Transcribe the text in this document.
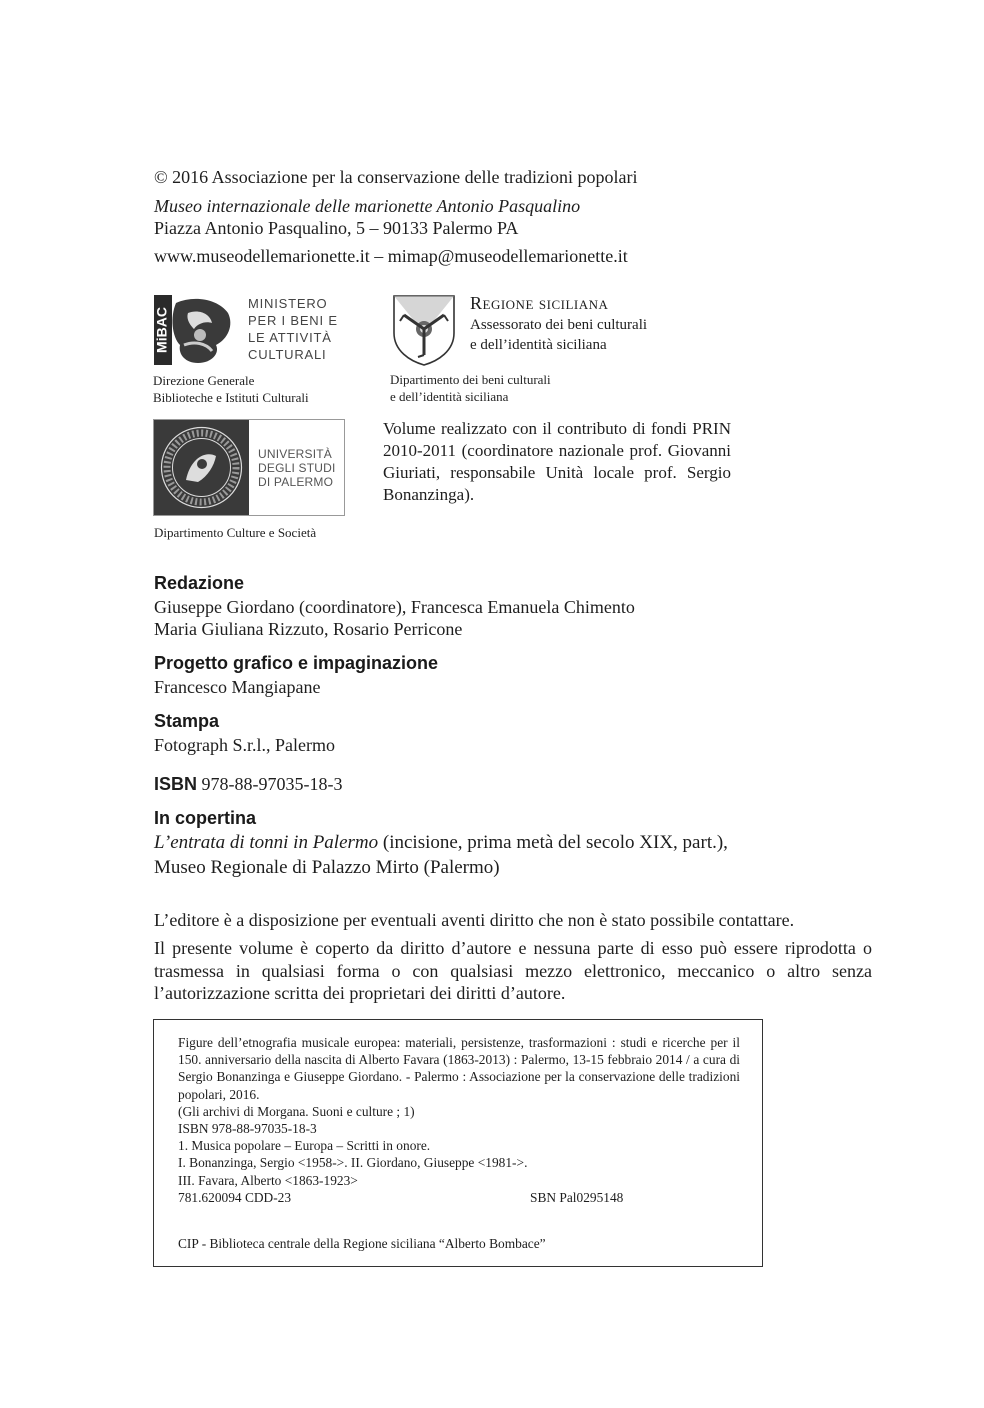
© 2016 Associazione per la conservazione delle tradizioni popolari
Museo internazionale delle marionette Antonio Pasqualino
Piazza Antonio Pasqualino, 5 – 90133 Palermo PA
www.museodellemarionette.it – mimap@museodellemarionette.it
MiBAC
MINISTERO
PER I BENI E
LE ATTIVITÀ
CULTURALI
Direzione Generale
Biblioteche e Istituti Culturali
Regione siciliana
Assessorato dei beni culturali
e dell’identità siciliana
Dipartimento dei beni culturali
e dell’identità siciliana
UNIVERSITÀ
DEGLI STUDI
DI PALERMO
Dipartimento Culture e Società
Volume realizzato con il contributo di fondi PRIN 2010-2011 (coordinatore nazionale prof. Giovanni Giuriati, responsabile Unità locale prof. Sergio Bonanzinga).
Redazione
Giuseppe Giordano (coordinatore), Francesca Emanuela Chimento
Maria Giuliana Rizzuto, Rosario Perricone
Progetto grafico e impaginazione
Francesco Mangiapane
Stampa
Fotograph S.r.l., Palermo
ISBN 978-88-97035-18-3
In copertina
L’entrata di tonni in Palermo (incisione, prima metà del secolo XIX, part.),
Museo Regionale di Palazzo Mirto (Palermo)
L’editore è a disposizione per eventuali aventi diritto che non è stato possibile contattare.
Il presente volume è coperto da diritto d’autore e nessuna parte di esso può essere riprodotta o trasmessa in qualsiasi forma o con qualsiasi mezzo elettronico, meccanico o altro senza l’autorizzazione scritta dei proprietari dei diritti d’autore.
Figure dell’etnografia musicale europea: materiali, persistenze, trasformazioni : studi e ricerche per il 150. anniversario della nascita di Alberto Favara (1863-2013) : Palermo, 13-15 febbraio 2014 / a cura di Sergio Bonanzinga e Giuseppe Giordano. - Palermo : Associazione per la conservazione delle tradizioni popolari, 2016.
(Gli archivi di Morgana. Suoni e culture ; 1)
ISBN 978-88-97035-18-3
1. Musica popolare – Europa – Scritti in onore.
I. Bonanzinga, Sergio <1958->. II. Giordano, Giuseppe <1981->.
III. Favara, Alberto <1863-1923>
781.620094 CDD-23	SBN Pal0295148
CIP - Biblioteca centrale della Regione siciliana “Alberto Bombace”
